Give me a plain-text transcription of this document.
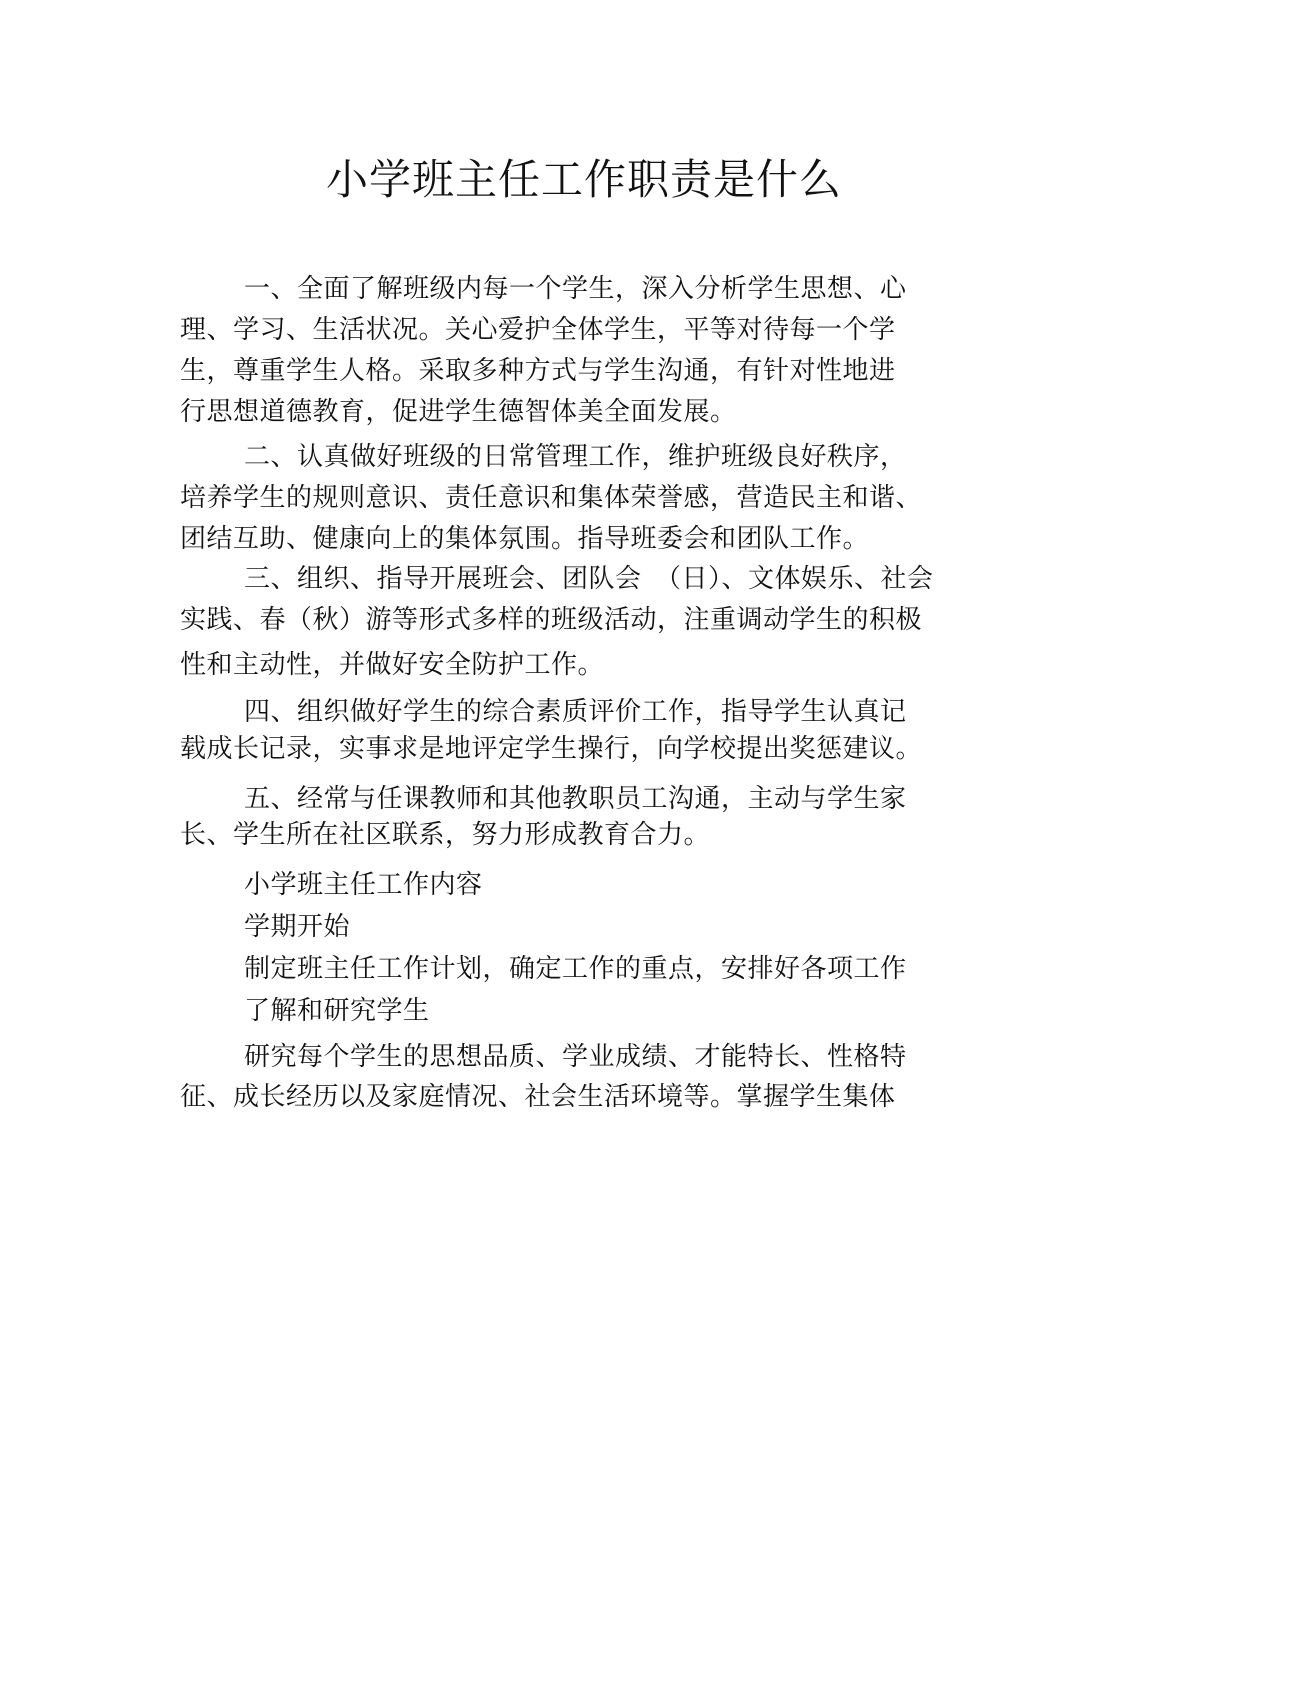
小学班主任工作职责是什么
一、全面了解班级内每一个学生，深入分析学生思想、心
理、学习、生活状况。关心爱护全体学生，平等对待每一个学
生，尊重学生人格。采取多种方式与学生沟通，有针对性地进
行思想道德教育，促进学生德智体美全面发展。
二、认真做好班级的日常管理工作，维护班级良好秩序，
培养学生的规则意识、责任意识和集体荣誉感，营造民主和谐、
团结互助、健康向上的集体氛围。指导班委会和团队工作。
三、组织、指导开展班会、团队会　（日）、文体娱乐、社会
实践、春（秋）游等形式多样的班级活动，注重调动学生的积极
性和主动性，并做好安全防护工作。
四、组织做好学生的综合素质评价工作，指导学生认真记
载成长记录，实事求是地评定学生操行，向学校提出奖惩建议。
五、经常与任课教师和其他教职员工沟通，主动与学生家
长、学生所在社区联系，努力形成教育合力。
小学班主任工作内容
学期开始
制定班主任工作计划，确定工作的重点，安排好各项工作
了解和研究学生
研究每个学生的思想品质、学业成绩、才能特长、性格特
征、成长经历以及家庭情况、社会生活环境等。掌握学生集体
